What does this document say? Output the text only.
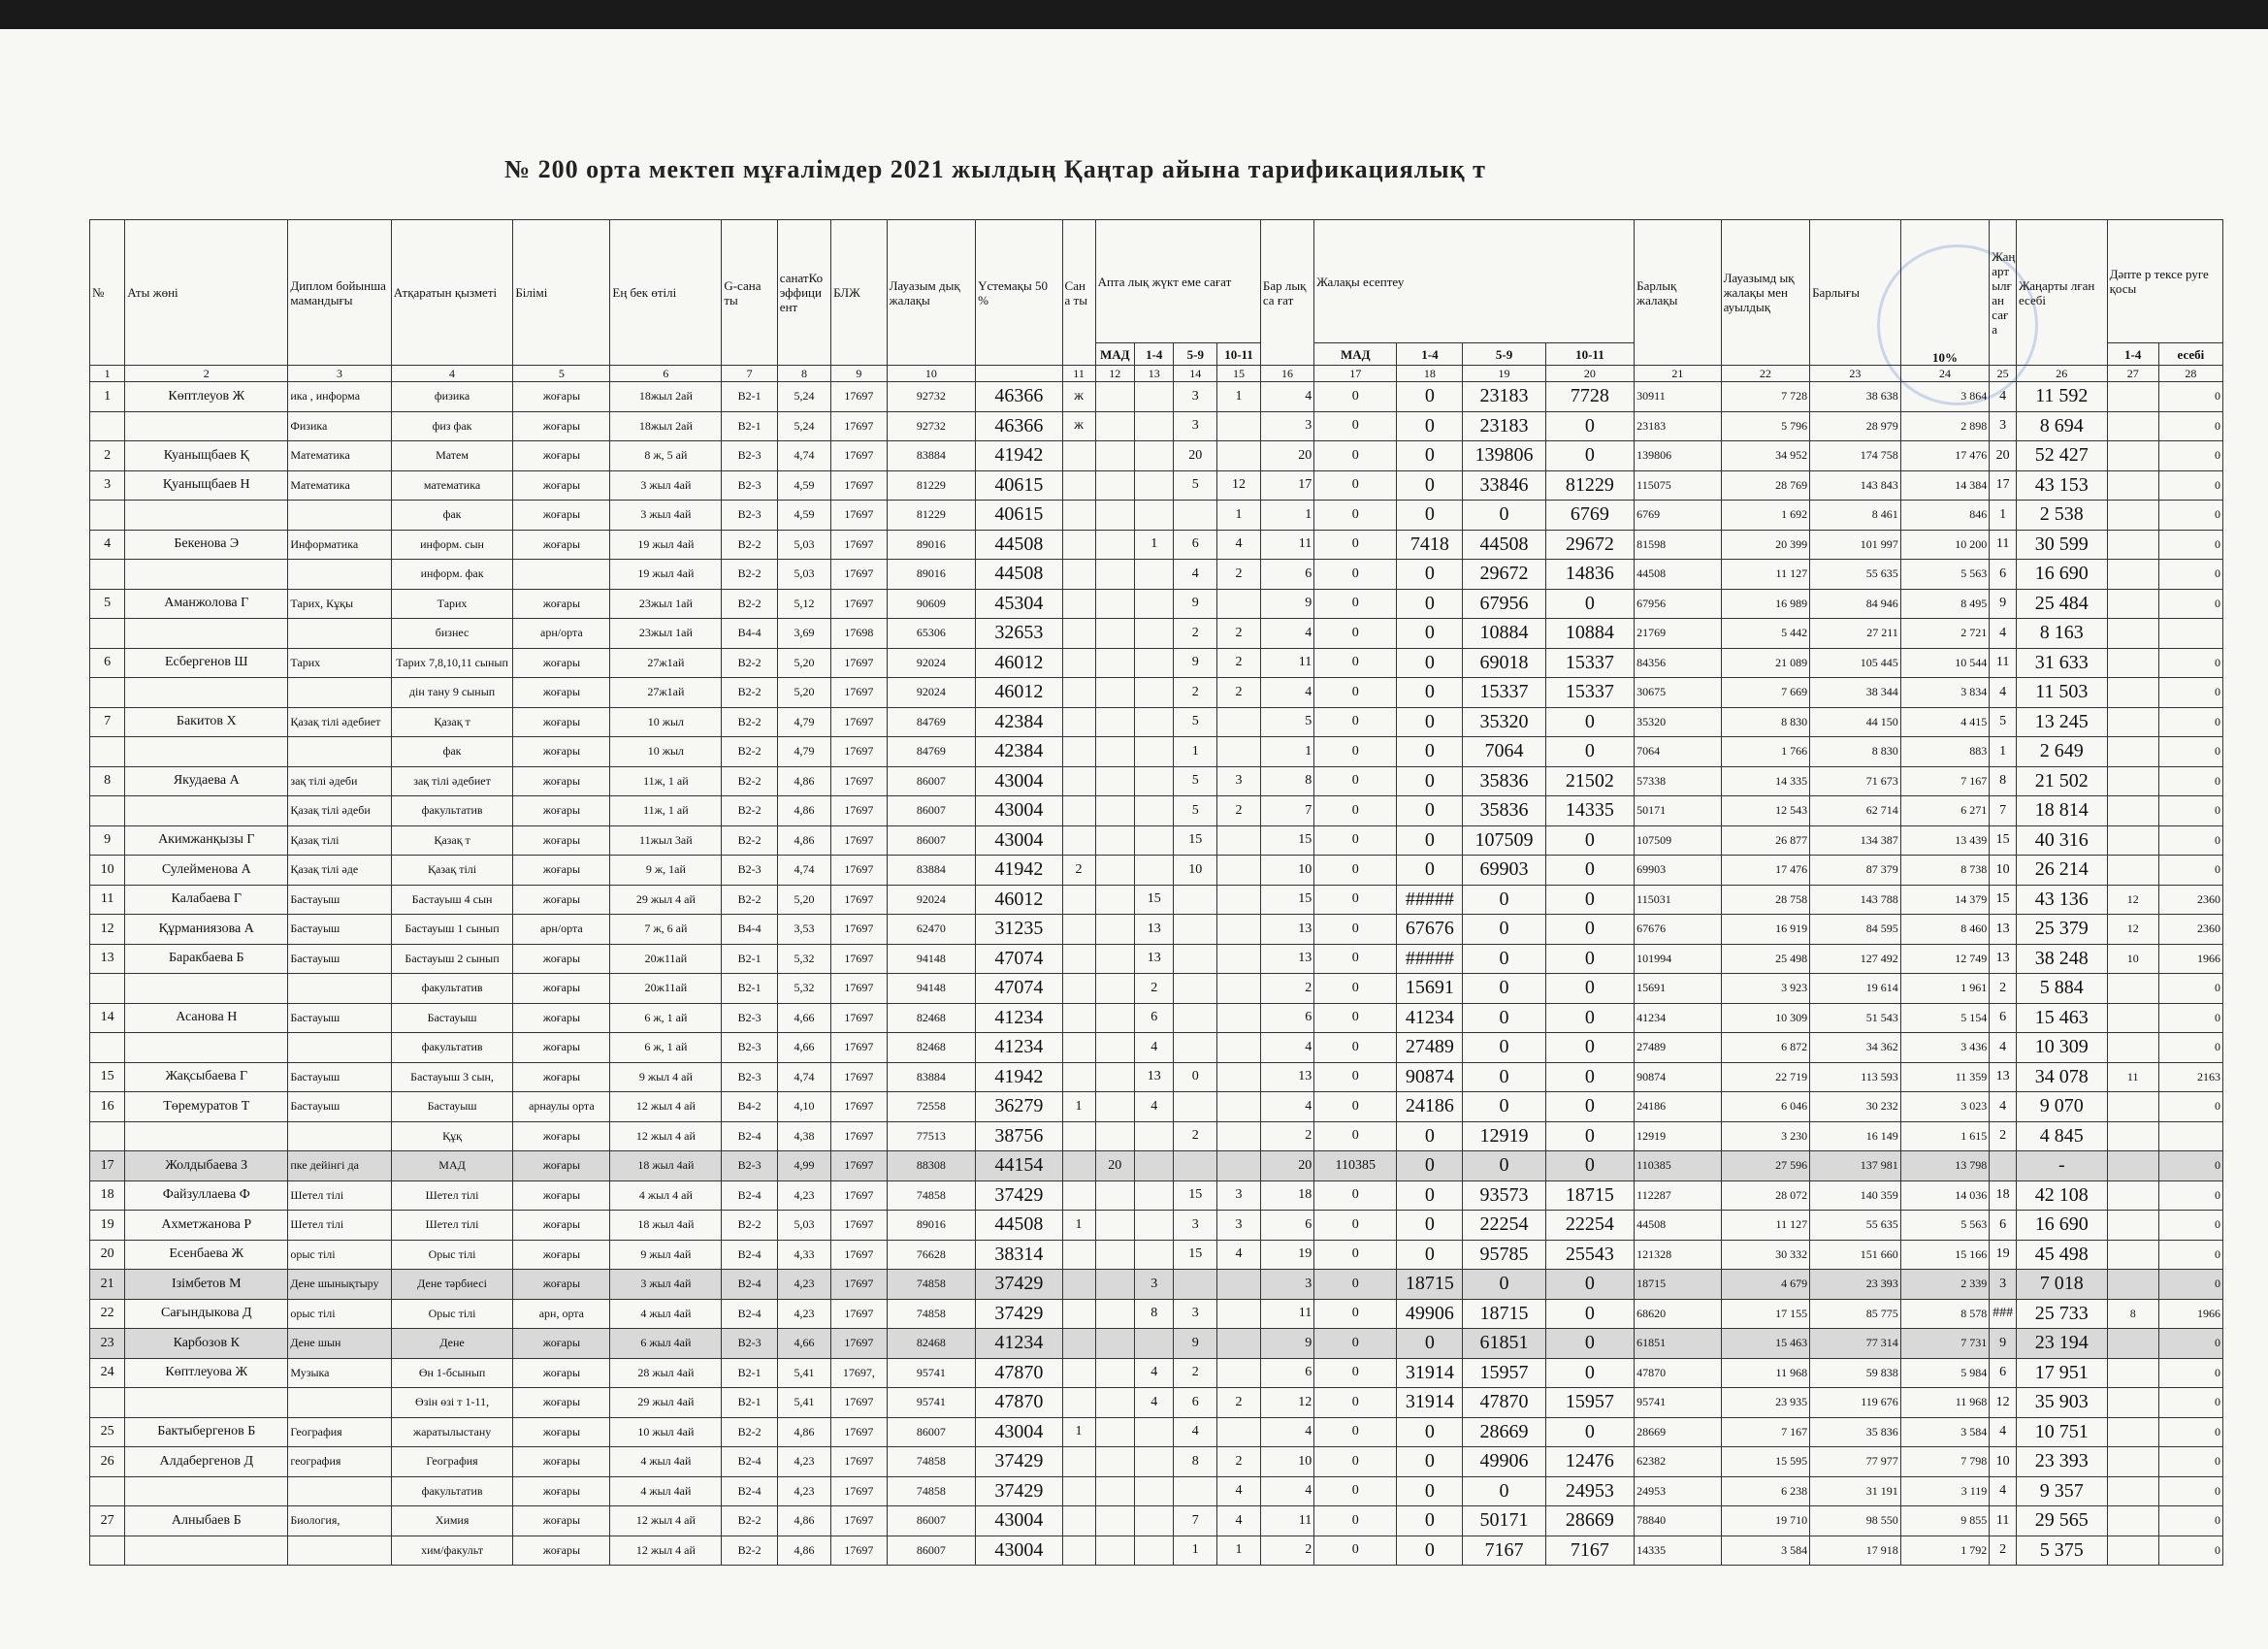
№ 200 орта мектеп мұғалімдер 2021 жылдың Қаңтар айына тарификациялық т
№	Аты жөні	Диплом бойынша мамандығы	Атқаратын қызметі	Білімі	Ең бек өтілі	G-сана ты	санатКо эффици ент	БЛЖ	Лауазым дық жалақы	Үстемақы 50 %	Сан а ты	Апта лық жүкт еме сағат				Бар лық са ғат	Жалақы есептеу				Барлық жалақы	Лауазымд ық жалақы мен ауылдық	Барлығы	10%	Жаң арт ылғ ан сағ а	Жаңарты лған есебі	Дәпте р тексе руге қосы	
												МАД	1-4	5-9	10-11		МАД	1-4	5-9	10-11							1-4	есебі
1	2	3	4	5	6	7	8	9	10		11	12	13	14	15	16	17	18	19	20	21	22	23	24	25	26	27	28
1	Көптлеуов Ж	ика , информа	физика	жоғары	18жыл 2ай	В2-1	5,24	17697	92732	46366	ж			3	1	4	0	0	23183	7728	30911	7 728	38 638	3 864	4	11 592		0
		Физика	физ фак	жоғары	18жыл 2ай	В2-1	5,24	17697	92732	46366	ж			3		3	0	0	23183	0	23183	5 796	28 979	2 898	3	8 694		0
2	Куаныщбаев Қ	Математика	Матем	жоғары	8 ж, 5 ай	В2-3	4,74	17697	83884	41942				20		20	0	0	139806	0	139806	34 952	174 758	17 476	20	52 427		0
3	Қуаныщбаев Н	Математика	математика	жоғары	3 жыл 4ай	В2-3	4,59	17697	81229	40615				5	12	17	0	0	33846	81229	115075	28 769	143 843	14 384	17	43 153		0
			фак	жоғары	3 жыл 4ай	В2-3	4,59	17697	81229	40615					1	1	0	0	0	6769	6769	1 692	8 461	846	1	2 538		0
4	Бекенова Э	Информатика	информ. сын	жоғары	19 жыл 4ай	В2-2	5,03	17697	89016	44508			1	6	4	11	0	7418	44508	29672	81598	20 399	101 997	10 200	11	30 599		0
			информ. фак		19 жыл 4ай	В2-2	5,03	17697	89016	44508				4	2	6	0	0	29672	14836	44508	11 127	55 635	5 563	6	16 690		0
5	Аманжолова Г	Тарих, Кұқы	Тарих	жоғары	23жыл 1ай	В2-2	5,12	17697	90609	45304				9		9	0	0	67956	0	67956	16 989	84 946	8 495	9	25 484		0
			бизнес	арн/орта	23жыл 1ай	В4-4	3,69	17698	65306	32653				2	2	4	0	0	10884	10884	21769	5 442	27 211	2 721	4	8 163		
6	Есбергенов Ш	Тарих	Тарих 7,8,10,11 сынып	жоғары	27ж1ай	В2-2	5,20	17697	92024	46012				9	2	11	0	0	69018	15337	84356	21 089	105 445	10 544	11	31 633		0
			дін тану 9 сынып	жоғары	27ж1ай	В2-2	5,20	17697	92024	46012				2	2	4	0	0	15337	15337	30675	7 669	38 344	3 834	4	11 503		0
7	Бакитов Х	Қазақ тілі әдебиет	Қазақ т	жоғары	10 жыл	В2-2	4,79	17697	84769	42384				5		5	0	0	35320	0	35320	8 830	44 150	4 415	5	13 245		0
			фак	жоғары	10 жыл	В2-2	4,79	17697	84769	42384				1		1	0	0	7064	0	7064	1 766	8 830	883	1	2 649		0
8	Якудаева А	зақ тілі әдеби	зақ тілі әдебиет	жоғары	11ж, 1 ай	В2-2	4,86	17697	86007	43004				5	3	8	0	0	35836	21502	57338	14 335	71 673	7 167	8	21 502		0
		Қазақ тілі әдеби	факультатив	жоғары	11ж, 1 ай	В2-2	4,86	17697	86007	43004				5	2	7	0	0	35836	14335	50171	12 543	62 714	6 271	7	18 814		0
9	Акимжанқызы Г	Қазақ тілі	Қазақ т	жоғары	11жыл 3ай	В2-2	4,86	17697	86007	43004				15		15	0	0	107509	0	107509	26 877	134 387	13 439	15	40 316		0
10	Сулейменова А	Қазақ тілі әде	Қазақ тілі	жоғары	9 ж, 1ай	В2-3	4,74	17697	83884	41942	2			10		10	0	0	69903	0	69903	17 476	87 379	8 738	10	26 214		0
11	Калабаева Г	Бастауыш	Бастауыш 4 сын	жоғары	29 жыл 4 ай	В2-2	5,20	17697	92024	46012			15			15	0	#####	0	0	115031	28 758	143 788	14 379	15	43 136	12	2360
12	Құрманиязова А	Бастауыш	Бастауыш 1 сынып	арн/орта	7 ж, 6 ай	В4-4	3,53	17697	62470	31235			13			13	0	67676	0	0	67676	16 919	84 595	8 460	13	25 379	12	2360
13	Баракбаева Б	Бастауыш	Бастауыш 2 сынып	жоғары	20ж11ай	В2-1	5,32	17697	94148	47074			13			13	0	#####	0	0	101994	25 498	127 492	12 749	13	38 248	10	1966
			факультатив	жоғары	20ж11ай	В2-1	5,32	17697	94148	47074			2			2	0	15691	0	0	15691	3 923	19 614	1 961	2	5 884		0
14	Асанова Н	Бастауыш	Бастауыш	жоғары	6 ж, 1 ай	В2-3	4,66	17697	82468	41234			6			6	0	41234	0	0	41234	10 309	51 543	5 154	6	15 463		0
			факультатив	жоғары	6 ж, 1 ай	В2-3	4,66	17697	82468	41234			4			4	0	27489	0	0	27489	6 872	34 362	3 436	4	10 309		0
15	Жақсыбаева Г	Бастауыш	Бастауыш 3 сын,	жоғары	9 жыл 4 ай	В2-3	4,74	17697	83884	41942			13	0		13	0	90874	0	0	90874	22 719	113 593	11 359	13	34 078	11	2163
16	Төремуратов Т	Бастауыш	Бастауыш	арнаулы орта	12 жыл 4 ай	В4-2	4,10	17697	72558	36279	1		4			4	0	24186	0	0	24186	6 046	30 232	3 023	4	9 070		0
			Құқ	жоғары	12 жыл 4 ай	В2-4	4,38	17697	77513	38756				2		2	0	0	12919	0	12919	3 230	16 149	1 615	2	4 845		
17	Жолдыбаева З	пке дейінгі да	МАД	жоғары	18 жыл 4ай	В2-3	4,99	17697	88308	44154		20				20	110385	0	0	0	110385	27 596	137 981	13 798		-		0
18	Файзуллаева Ф	Шетел тілі	Шетел тілі	жоғары	4 жыл 4 ай	В2-4	4,23	17697	74858	37429				15	3	18	0	0	93573	18715	112287	28 072	140 359	14 036	18	42 108		0
19	Ахметжанова Р	Шетел тілі	Шетел тілі	жоғары	18 жыл 4ай	В2-2	5,03	17697	89016	44508	1			3	3	6	0	0	22254	22254	44508	11 127	55 635	5 563	6	16 690		0
20	Есенбаева Ж	орыс тілі	Орыс тілі	жоғары	9 жыл 4ай	В2-4	4,33	17697	76628	38314				15	4	19	0	0	95785	25543	121328	30 332	151 660	15 166	19	45 498		0
21	Ізімбетов М	Дене шынықтыру	Дене тәрбиесі	жоғары	3 жыл 4ай	В2-4	4,23	17697	74858	37429			3			3	0	18715	0	0	18715	4 679	23 393	2 339	3	7 018		0
22	Сағындыкова Д	орыс тілі	Орыс тілі	арн, орта	4 жыл 4ай	В2-4	4,23	17697	74858	37429			8	3		11	0	49906	18715	0	68620	17 155	85 775	8 578	###	25 733	8	1966
23	Карбозов К	Дене шын	Дене	жоғары	6 жыл 4ай	В2-3	4,66	17697	82468	41234				9		9	0	0	61851	0	61851	15 463	77 314	7 731	9	23 194		0
24	Көптлеуова Ж	Музыка	Өн 1-бсынып	жоғары	28 жыл 4ай	В2-1	5,41	17697,	95741	47870			4	2		6	0	31914	15957	0	47870	11 968	59 838	5 984	6	17 951		0
			Өзін өзі т 1-11,	жоғары	29 жыл 4ай	В2-1	5,41	17697	95741	47870			4	6	2	12	0	31914	47870	15957	95741	23 935	119 676	11 968	12	35 903		0
25	Бактыбергенов Б	География	жаратылыстану	жоғары	10 жыл 4ай	В2-2	4,86	17697	86007	43004	1			4		4	0	0	28669	0	28669	7 167	35 836	3 584	4	10 751		0
26	Алдабергенов Д	география	География	жоғары	4 жыл 4ай	В2-4	4,23	17697	74858	37429				8	2	10	0	0	49906	12476	62382	15 595	77 977	7 798	10	23 393		0
			факультатив	жоғары	4 жыл 4ай	В2-4	4,23	17697	74858	37429					4	4	0	0	0	24953	24953	6 238	31 191	3 119	4	9 357		0
27	Алныбаев Б	Биология,	Химия	жоғары	12 жыл 4 ай	В2-2	4,86	17697	86007	43004				7	4	11	0	0	50171	28669	78840	19 710	98 550	9 855	11	29 565		0
			хим/факульт	жоғары	12 жыл 4 ай	В2-2	4,86	17697	86007	43004				1	1	2	0	0	7167	7167	14335	3 584	17 918	1 792	2	5 375		0
